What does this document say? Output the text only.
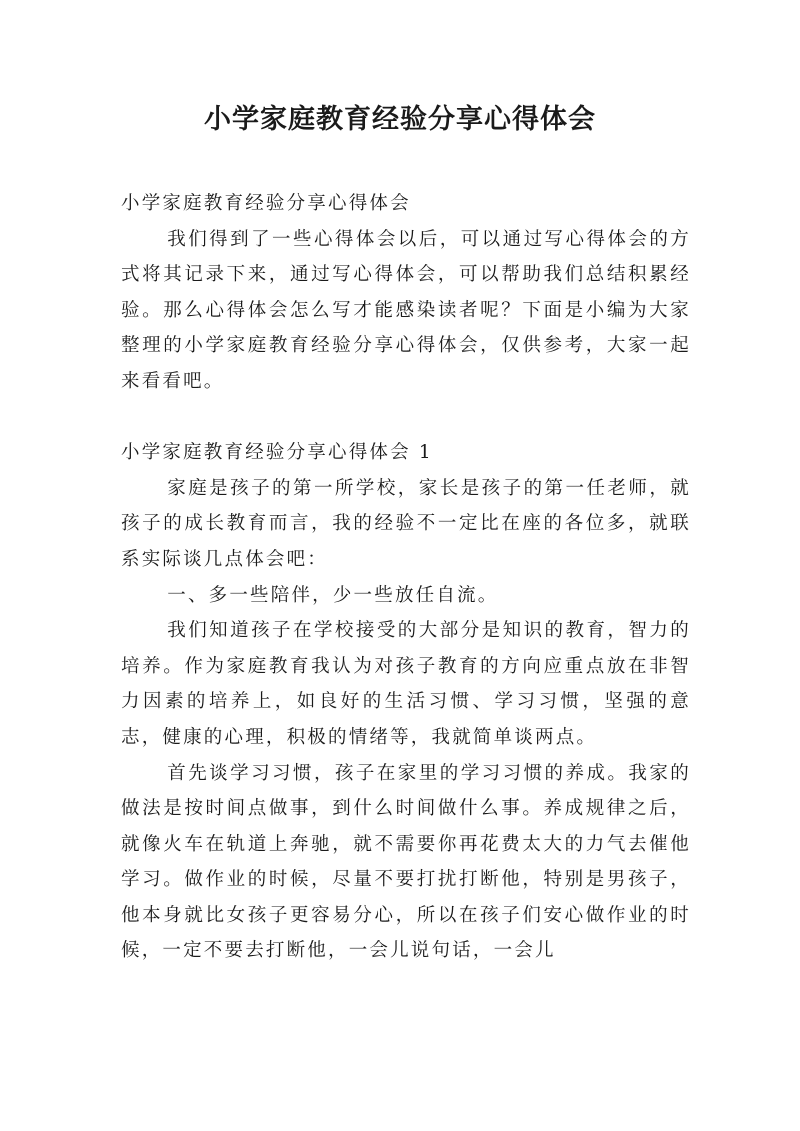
小学家庭教育经验分享心得体会

小学家庭教育经验分享心得体会

我们得到了一些心得体会以后，可以通过写心得体会的方式将其记录下来，通过写心得体会，可以帮助我们总结积累经验。那么心得体会怎么写才能感染读者呢？下面是小编为大家整理的小学家庭教育经验分享心得体会，仅供参考，大家一起来看看吧。

小学家庭教育经验分享心得体会 1

家庭是孩子的第一所学校，家长是孩子的第一任老师，就孩子的成长教育而言，我的经验不一定比在座的各位多，就联系实际谈几点体会吧：

一、多一些陪伴，少一些放任自流。

我们知道孩子在学校接受的大部分是知识的教育，智力的培养。作为家庭教育我认为对孩子教育的方向应重点放在非智力因素的培养上，如良好的生活习惯、学习习惯，坚强的意志，健康的心理，积极的情绪等，我就简单谈两点。

首先谈学习习惯，孩子在家里的学习习惯的养成。我家的做法是按时间点做事，到什么时间做什么事。养成规律之后，就像火车在轨道上奔驰，就不需要你再花费太大的力气去催他学习。做作业的时候，尽量不要打扰打断他，特别是男孩子，他本身就比女孩子更容易分心，所以在孩子们安心做作业的时候，一定不要去打断他，一会儿说句话，一会儿
